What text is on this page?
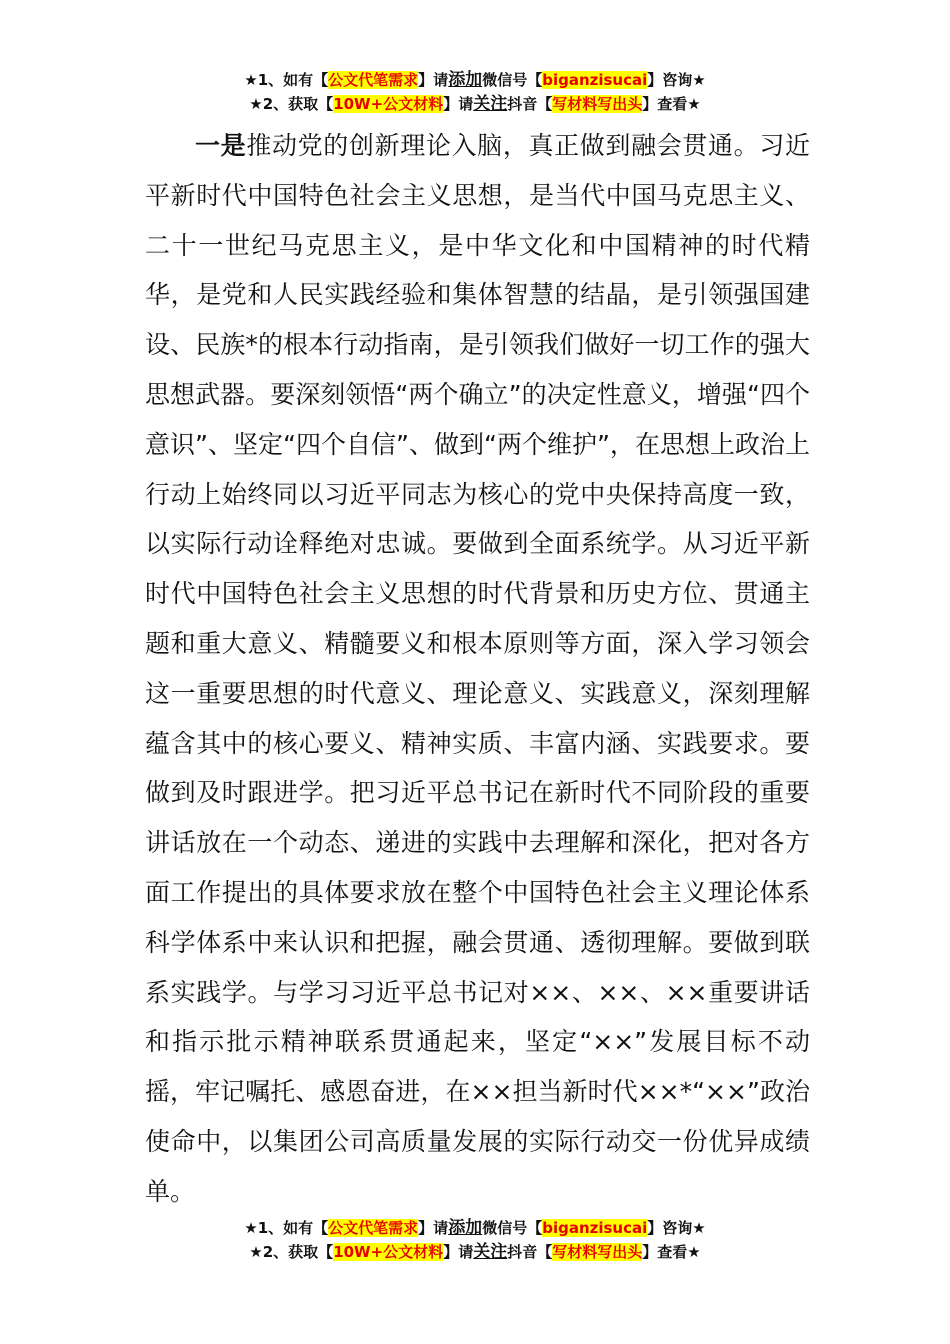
★1、如有【公文代笔需求】请添加微信号【biganzisucai】咨询★
★2、获取【10W+公文材料】请关注抖音【写材料写出头】查看★

一是推动党的创新理论入脑，真正做到融会贯通。习近平新时代中国特色社会主义思想，是当代中国马克思主义、二十一世纪马克思主义，是中华文化和中国精神的时代精华，是党和人民实践经验和集体智慧的结晶，是引领强国建设、民族*的根本行动指南，是引领我们做好一切工作的强大思想武器。要深刻领悟“两个确立”的决定性意义，增强“四个意识”、坚定“四个自信”、做到“两个维护”，在思想上政治上行动上始终同以习近平同志为核心的党中央保持高度一致，以实际行动诠释绝对忠诚。要做到全面系统学。从习近平新时代中国特色社会主义思想的时代背景和历史方位、贯通主题和重大意义、精髓要义和根本原则等方面，深入学习领会这一重要思想的时代意义、理论意义、实践意义，深刻理解蕴含其中的核心要义、精神实质、丰富内涵、实践要求。要做到及时跟进学。把习近平总书记在新时代不同阶段的重要讲话放在一个动态、递进的实践中去理解和深化，把对各方面工作提出的具体要求放在整个中国特色社会主义理论体系科学体系中来认识和把握，融会贯通、透彻理解。要做到联系实践学。与学习习近平总书记对××、××、××重要讲话和指示批示精神联系贯通起来，坚定“××”发展目标不动摇，牢记嘱托、感恩奋进，在××担当新时代××*“××”政治使命中，以集团公司高质量发展的实际行动交一份优异成绩单。

★1、如有【公文代笔需求】请添加微信号【biganzisucai】咨询★
★2、获取【10W+公文材料】请关注抖音【写材料写出头】查看★
